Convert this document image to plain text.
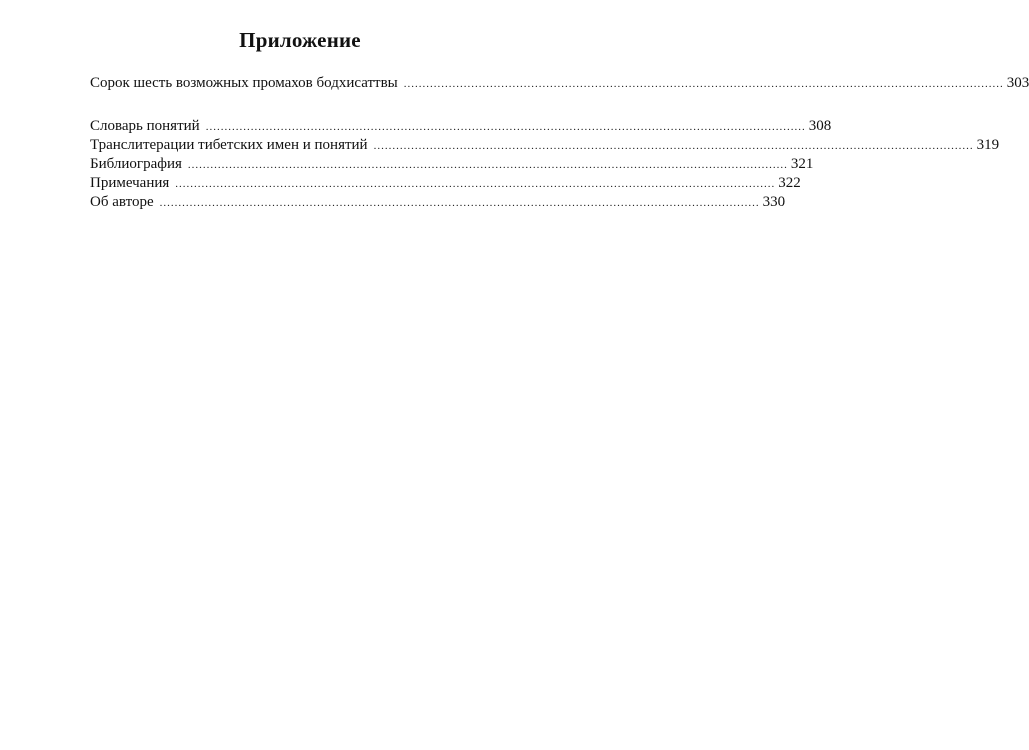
Приложение
Сорок шесть возможных промахов бодхисаттвы ................................................................................................................................................................ 303
Словарь понятий ................................................................................................................................................................ 308
Транслитерации тибетских имен и понятий ................................................................................................................................................................ 319
Библиография ................................................................................................................................................................ 321
Примечания ................................................................................................................................................................ 322
Об авторе ................................................................................................................................................................ 330
